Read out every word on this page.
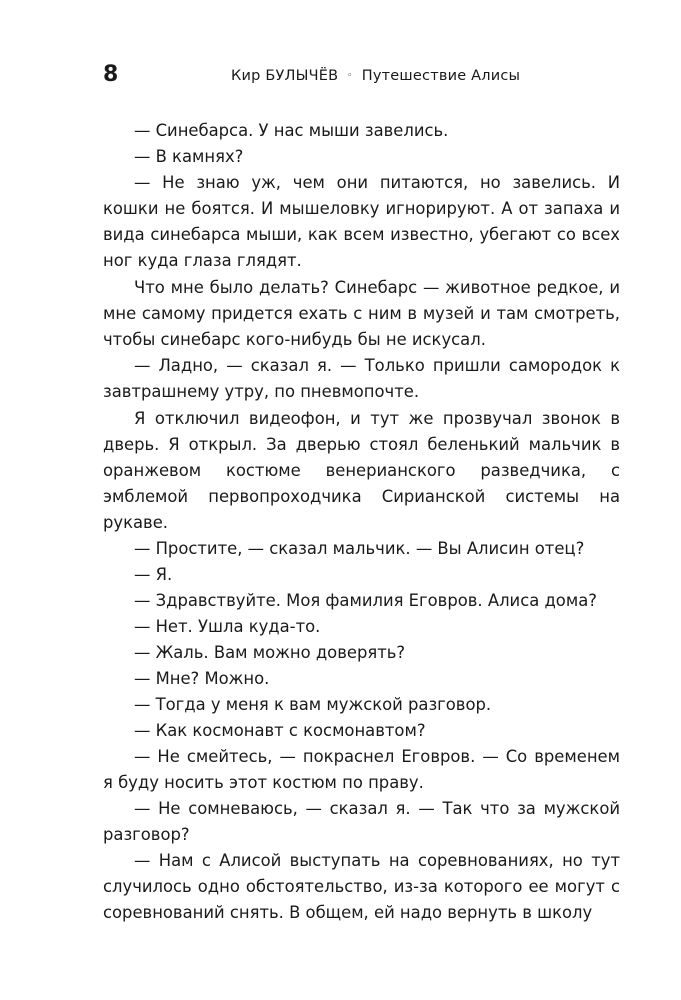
8	Кир БУЛЫЧЁВ ◦ Путешествие Алисы

— Синебарса. У нас мыши завелись.

— В камнях?

— Не знаю уж, чем они питаются, но завелись. И кошки не боятся. И мышеловку игнорируют. А от запаха и вида синебарса мыши, как всем известно, убегают со всех ног куда глаза глядят.

Что мне было делать? Синебарс — животное редкое, и мне самому придется ехать с ним в музей и там смотреть, чтобы синебарс кого-нибудь бы не искусал.

— Ладно, — сказал я. — Только пришли самородок к завтрашнему утру, по пневмопочте.

Я отключил видеофон, и тут же прозвучал звонок в дверь. Я открыл. За дверью стоял беленький мальчик в оранжевом костюме венерианского разведчика, с эмблемой первопроходчика Сирианской системы на рукаве.

— Простите, — сказал мальчик. — Вы Алисин отец?

— Я.

— Здравствуйте. Моя фамилия Еговров. Алиса дома?

— Нет. Ушла куда-то.

— Жаль. Вам можно доверять?

— Мне? Можно.

— Тогда у меня к вам мужской разговор.

— Как космонавт с космонавтом?

— Не смейтесь, — покраснел Еговров. — Со временем я буду носить этот костюм по праву.

— Не сомневаюсь, — сказал я. — Так что за мужской разговор?

— Нам с Алисой выступать на соревнованиях, но тут случилось одно обстоятельство, из-за которого ее могут с соревнований снять. В общем, ей надо вернуть в школу
